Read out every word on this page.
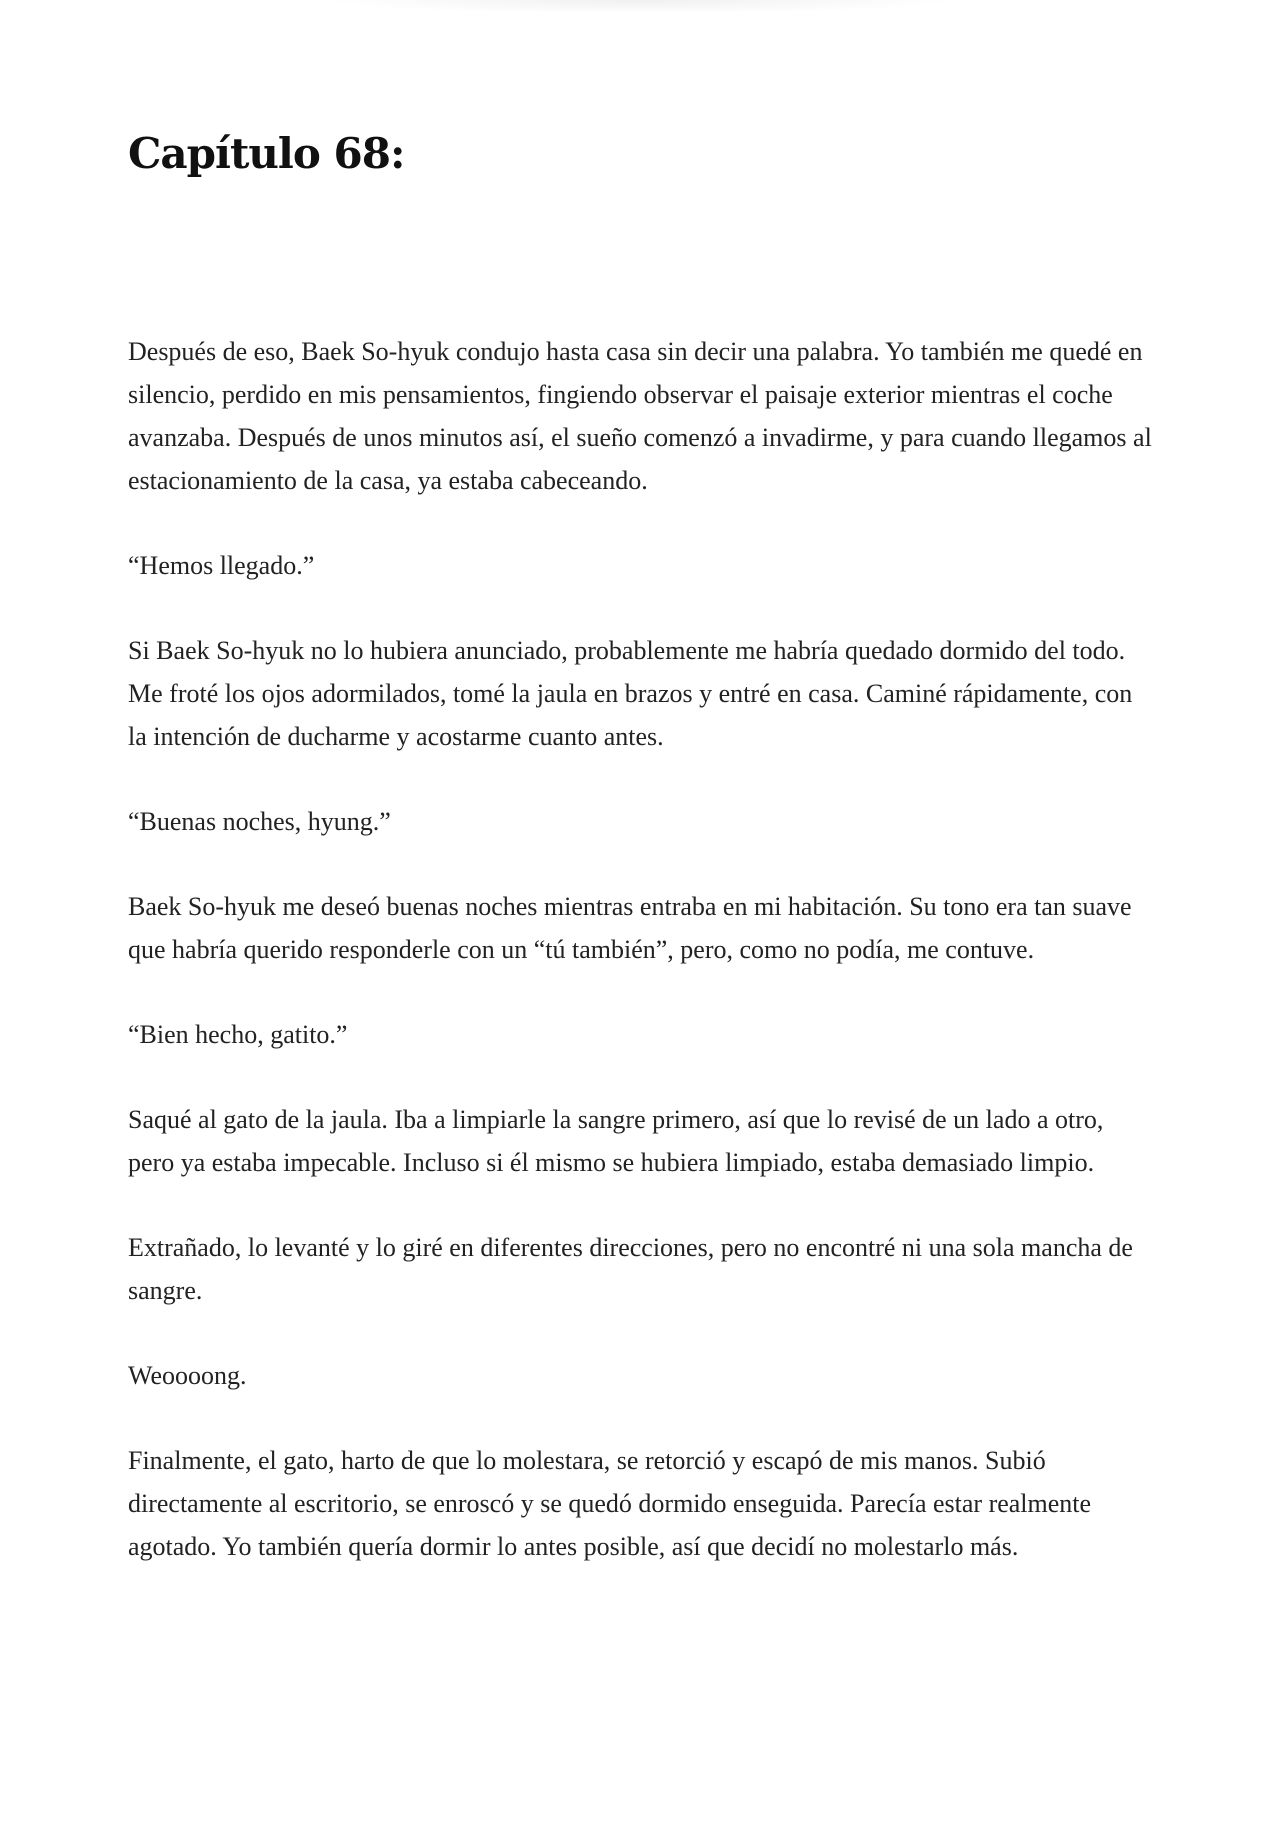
Capítulo 68:

Después de eso, Baek So-hyuk condujo hasta casa sin decir una palabra. Yo también me quedé en silencio, perdido en mis pensamientos, fingiendo observar el paisaje exterior mientras el coche avanzaba. Después de unos minutos así, el sueño comenzó a invadirme, y para cuando llegamos al estacionamiento de la casa, ya estaba cabeceando.

“Hemos llegado.”

Si Baek So-hyuk no lo hubiera anunciado, probablemente me habría quedado dormido del todo. Me froté los ojos adormilados, tomé la jaula en brazos y entré en casa. Caminé rápidamente, con la intención de ducharme y acostarme cuanto antes.

“Buenas noches, hyung.”

Baek So-hyuk me deseó buenas noches mientras entraba en mi habitación. Su tono era tan suave que habría querido responderle con un “tú también”, pero, como no podía, me contuve.

“Bien hecho, gatito.”

Saqué al gato de la jaula. Iba a limpiarle la sangre primero, así que lo revisé de un lado a otro, pero ya estaba impecable. Incluso si él mismo se hubiera limpiado, estaba demasiado limpio.

Extrañado, lo levanté y lo giré en diferentes direcciones, pero no encontré ni una sola mancha de sangre.

Weoooong.

Finalmente, el gato, harto de que lo molestara, se retorció y escapó de mis manos. Subió directamente al escritorio, se enroscó y se quedó dormido enseguida. Parecía estar realmente agotado. Yo también quería dormir lo antes posible, así que decidí no molestarlo más.
